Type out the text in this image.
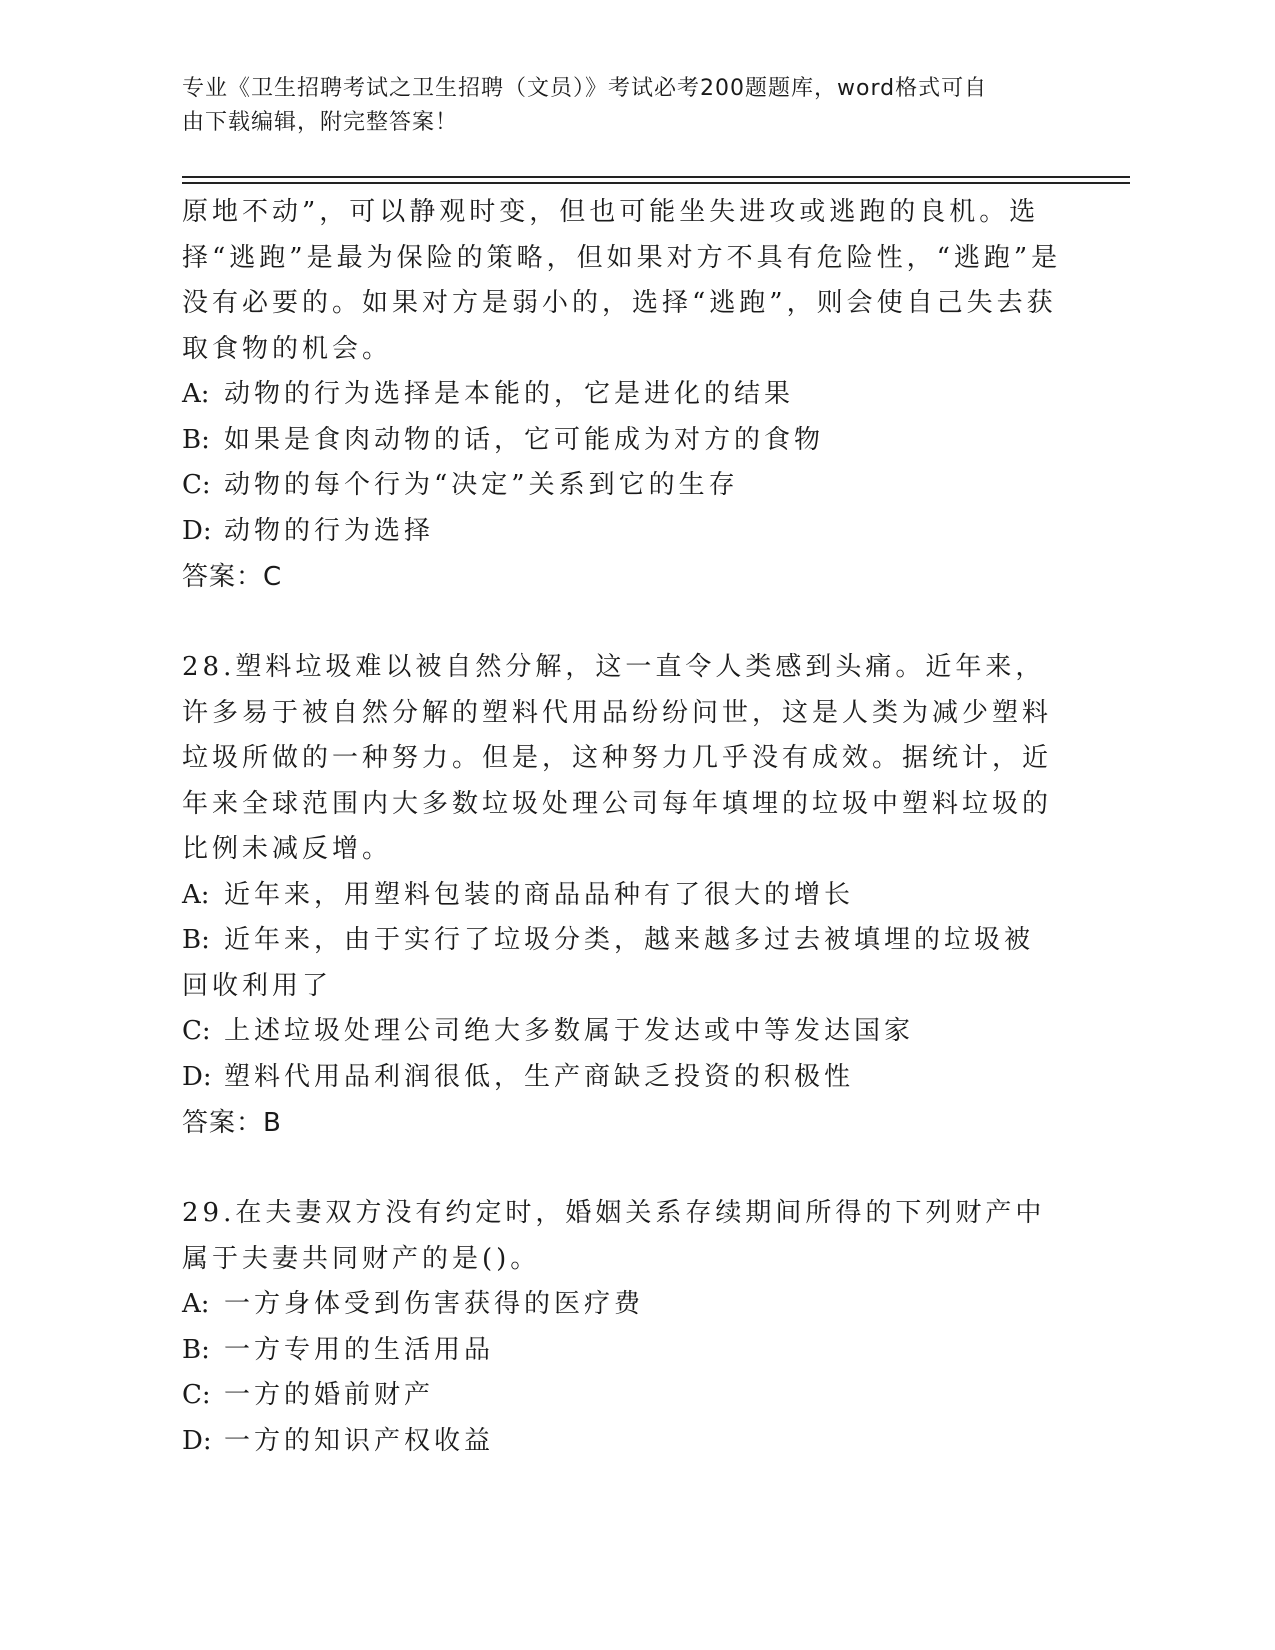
专业《卫生招聘考试之卫生招聘（文员）》考试必考200题题库，word格式可自
由下载编辑，附完整答案！

原地不动”，可以静观时变，但也可能坐失进攻或逃跑的良机。选择“逃跑”是最为保险的策略，但如果对方不具有危险性，“逃跑”是没有必要的。如果对方是弱小的，选择“逃跑”，则会使自己失去获取食物的机会。

A: 动物的行为选择是本能的，它是进化的结果

B: 如果是食肉动物的话，它可能成为对方的食物

C: 动物的每个行为“决定”关系到它的生存

D: 动物的行为选择

答案：C

28.塑料垃圾难以被自然分解，这一直令人类感到头痛。近年来，许多易于被自然分解的塑料代用品纷纷问世，这是人类为减少塑料垃圾所做的一种努力。但是，这种努力几乎没有成效。据统计，近年来全球范围内大多数垃圾处理公司每年填埋的垃圾中塑料垃圾的比例未减反增。

A: 近年来，用塑料包装的商品品种有了很大的增长

B: 近年来，由于实行了垃圾分类，越来越多过去被填埋的垃圾被回收利用了

C: 上述垃圾处理公司绝大多数属于发达或中等发达国家

D: 塑料代用品利润很低，生产商缺乏投资的积极性

答案：B

29.在夫妻双方没有约定时，婚姻关系存续期间所得的下列财产中属于夫妻共同财产的是()。

A: 一方身体受到伤害获得的医疗费

B: 一方专用的生活用品

C: 一方的婚前财产

D: 一方的知识产权收益
